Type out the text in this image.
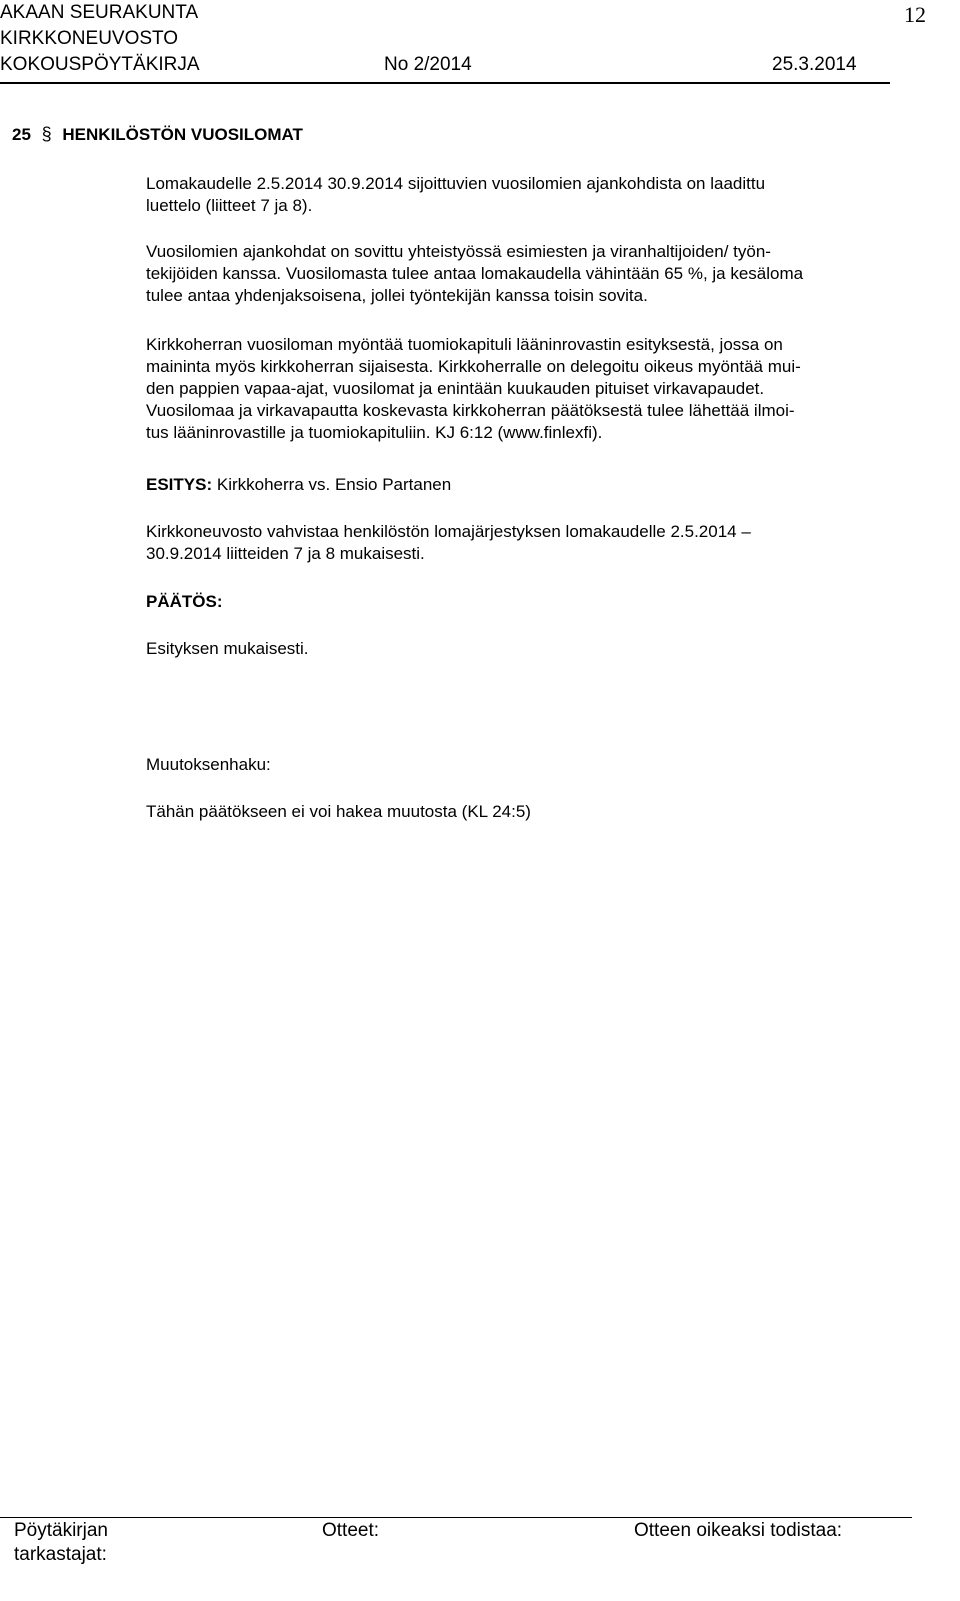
AKAAN SEURAKUNTA
KIRKKONEUVOSTO
KOKOUSPÖYTÄKIRJA	No 2/2014	25.3.2014
12
25 § HENKILÖSTÖN VUOSILOMAT
Lomakaudelle 2.5.2014 30.9.2014 sijoittuvien vuosilomien ajankohdista on laadittu
luettelo (liitteet 7 ja 8).
Vuosilomien ajankohdat on sovittu yhteistyössä esimiesten ja viranhaltijoiden/ työn-
tekijöiden kanssa. Vuosilomasta tulee antaa lomakaudella vähintään 65 %, ja kesäloma
tulee antaa yhdenjaksoisena, jollei työntekijän kanssa toisin sovita.
Kirkkoherran vuosiloman myöntää tuomiokapituli lääninrovastin esityksestä, jossa on
maininta myös kirkkoherran sijaisesta. Kirkkoherralle on delegoitu oikeus myöntää mui-
den pappien vapaa-ajat, vuosilomat ja enintään kuukauden pituiset virkavapaudet.
Vuosilomaa ja virkavapautta koskevasta kirkkoherran päätöksestä tulee lähettää ilmoi-
tus lääninrovastille ja tuomiokapituliin. KJ 6:12 (www.finlexfi).
ESITYS: Kirkkoherra vs. Ensio Partanen
Kirkkoneuvosto vahvistaa henkilöstön lomajärjestyksen lomakaudelle 2.5.2014 –
30.9.2014 liitteiden 7 ja 8 mukaisesti.
PÄÄTÖS:
Esityksen mukaisesti.
Muutoksenhaku:
Tähän päätökseen ei voi hakea muutosta (KL 24:5)
Pöytäkirjan
tarkastajat:
Otteet:	Otteen oikeaksi todistaa:
